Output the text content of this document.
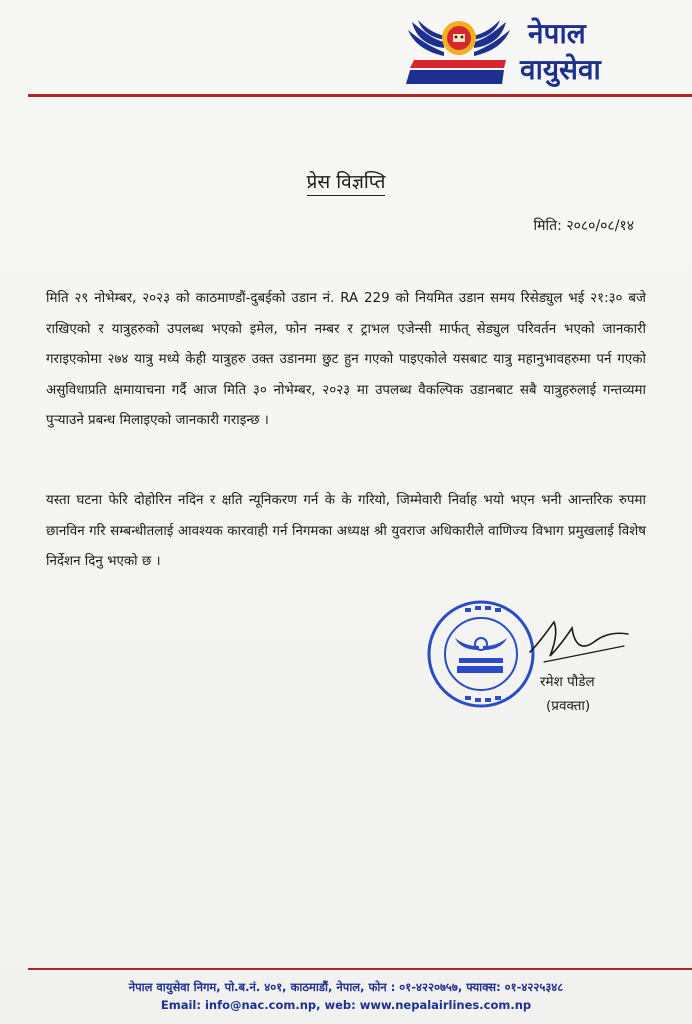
नेपाल
वायुसेवा
प्रेस विज्ञप्ति
मिति: २०८०/०८/१४
मिति २९ नोभेम्बर, २०२३ को काठमाण्डौं-दुबईको उडान नं. RA 229 को नियमित उडान समय रिसेड्युल भई २१:३० बजे राखिएको र यात्रुहरुको उपलब्ध भएको इमेल, फोन नम्बर र ट्राभल एजेन्सी मार्फत् सेड्युल परिवर्तन भएको जानकारी गराइएकोमा २७४ यात्रु मध्ये केही यात्रुहरु उक्त उडानमा छुट हुन गएको पाइएकोले यसबाट यात्रु महानुभावहरुमा पर्न गएको असुविधाप्रति क्षमायाचना गर्दै आज मिति ३० नोभेम्बर, २०२३ मा उपलब्ध वैकल्पिक उडानबाट सबै यात्रुहरुलाई गन्तव्यमा पुऱ्याउने प्रबन्ध मिलाइएको जानकारी गराइन्छ ।
यस्ता घटना फेरि दोहोरिन नदिन र क्षति न्यूनिकरण गर्न के के गरियो, जिम्मेवारी निर्वाह भयो भएन भनी आन्तरिक रुपमा छानविन गरि सम्बन्धीतलाई आवश्यक कारवाही गर्न निगमका अध्यक्ष श्री युवराज अधिकारीले वाणिज्य विभाग प्रमुखलाई विशेष निर्देशन दिनु भएको छ ।
रमेश पौडेल
(प्रवक्ता)
नेपाल वायुसेवा निगम, पो.ब.नं. ४०१, काठमाडौं, नेपाल, फोन : ०१-४२२०७५७, फ्याक्स: ०१-४२२५३४८
Email: info@nac.com.np, web: www.nepalairlines.com.np
